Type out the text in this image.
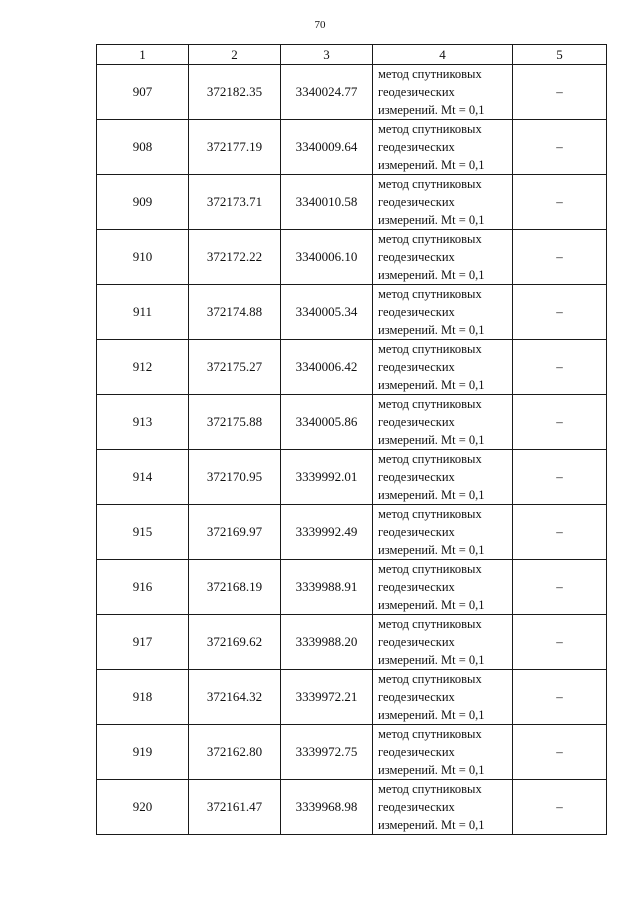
70
1	2	3	4	5
907	372182.35	3340024.77	метод спутниковых
геодезических
измерений. Mt = 0,1	–
908	372177.19	3340009.64	метод спутниковых
геодезических
измерений. Mt = 0,1	–
909	372173.71	3340010.58	метод спутниковых
геодезических
измерений. Mt = 0,1	–
910	372172.22	3340006.10	метод спутниковых
геодезических
измерений. Mt = 0,1	–
911	372174.88	3340005.34	метод спутниковых
геодезических
измерений. Mt = 0,1	–
912	372175.27	3340006.42	метод спутниковых
геодезических
измерений. Mt = 0,1	–
913	372175.88	3340005.86	метод спутниковых
геодезических
измерений. Mt = 0,1	–
914	372170.95	3339992.01	метод спутниковых
геодезических
измерений. Mt = 0,1	–
915	372169.97	3339992.49	метод спутниковых
геодезических
измерений. Mt = 0,1	–
916	372168.19	3339988.91	метод спутниковых
геодезических
измерений. Mt = 0,1	–
917	372169.62	3339988.20	метод спутниковых
геодезических
измерений. Mt = 0,1	–
918	372164.32	3339972.21	метод спутниковых
геодезических
измерений. Mt = 0,1	–
919	372162.80	3339972.75	метод спутниковых
геодезических
измерений. Mt = 0,1	–
920	372161.47	3339968.98	метод спутниковых
геодезических
измерений. Mt = 0,1	–
